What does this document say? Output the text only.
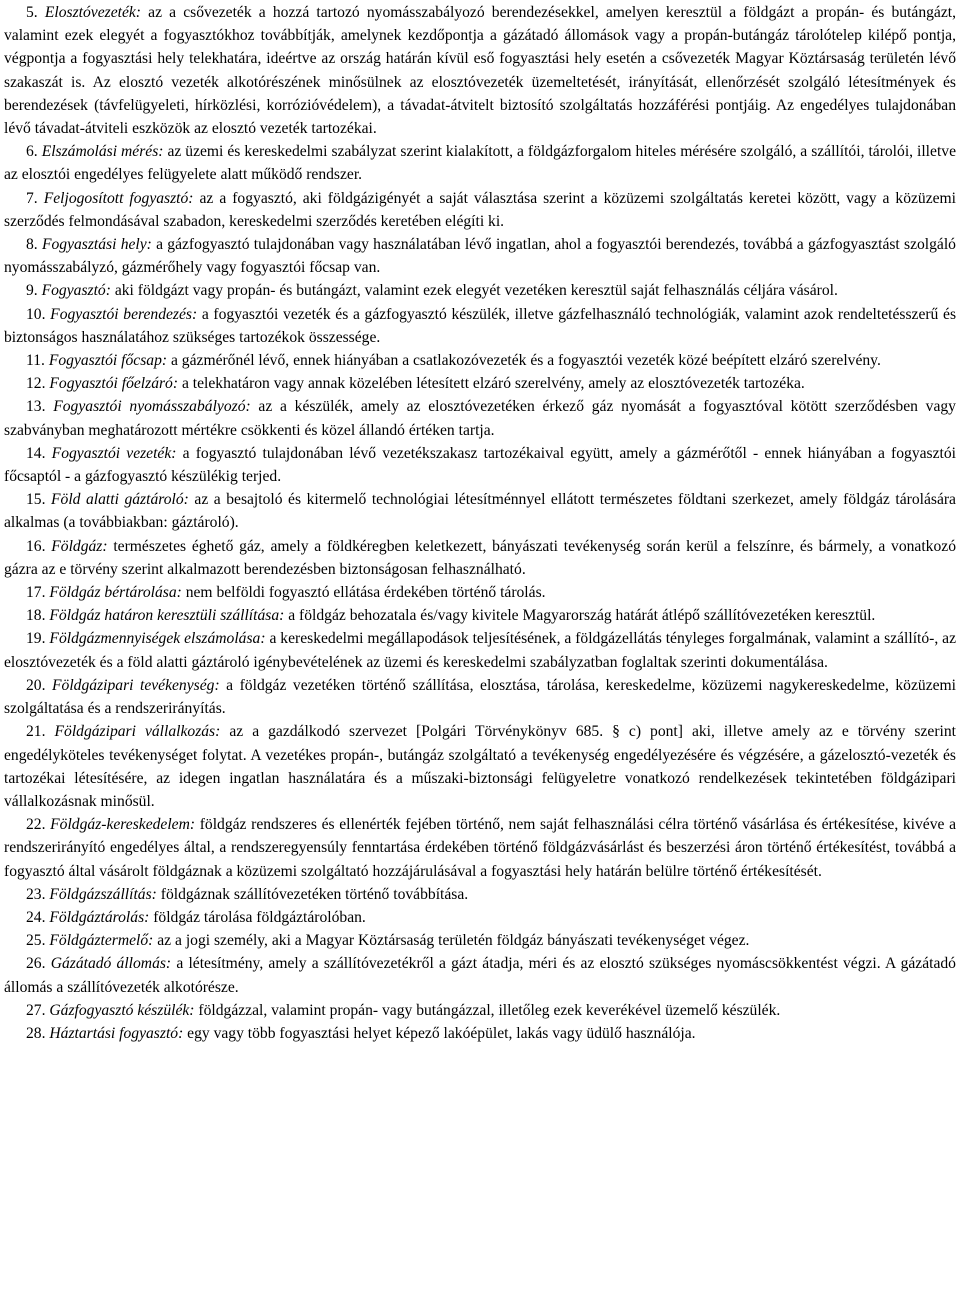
5. Elosztóvezeték: az a csővezeték a hozzá tartozó nyomásszabályozó berendezésekkel, amelyen keresztül a földgázt a propán- és butángázt, valamint ezek elegyét a fogyasztókhoz továbbítják, amelynek kezdőpontja a gázátadó állomások vagy a propán-butángáz tárolótelep kilépő pontja, végpontja a fogyasztási hely telekhatára, ideértve az ország határán kívül eső fogyasztási hely esetén a csővezeték Magyar Köztársaság területén lévő szakaszát is. Az elosztó vezeték alkotórészének minősülnek az elosztóvezeték üzemeltetését, irányítását, ellenőrzését szolgáló létesítmények és berendezések (távfelügyeleti, hírközlési, korrózióvédelem), a távadat-átvitelt biztosító szolgáltatás hozzáférési pontjáig. Az engedélyes tulajdonában lévő távadat-átviteli eszközök az elosztó vezeték tartozékai.

6. Elszámolási mérés: az üzemi és kereskedelmi szabályzat szerint kialakított, a földgázforgalom hiteles mérésére szolgáló, a szállítói, tárolói, illetve az elosztói engedélyes felügyelete alatt működő rendszer.

7. Feljogosított fogyasztó: az a fogyasztó, aki földgázigényét a saját választása szerint a közüzemi szolgáltatás keretei között, vagy a közüzemi szerződés felmondásával szabadon, kereskedelmi szerződés keretében elégíti ki.

8. Fogyasztási hely: a gázfogyasztó tulajdonában vagy használatában lévő ingatlan, ahol a fogyasztói berendezés, továbbá a gázfogyasztást szolgáló nyomásszabályzó, gázmérőhely vagy fogyasztói főcsap van.

9. Fogyasztó: aki földgázt vagy propán- és butángázt, valamint ezek elegyét vezetéken keresztül saját felhasználás céljára vásárol.

10. Fogyasztói berendezés: a fogyasztói vezeték és a gázfogyasztó készülék, illetve gázfelhasználó technológiák, valamint azok rendeltetésszerű és biztonságos használatához szükséges tartozékok összessége.

11. Fogyasztói főcsap: a gázmérőnél lévő, ennek hiányában a csatlakozóvezeték és a fogyasztói vezeték közé beépített elzáró szerelvény.

12. Fogyasztói főelzáró: a telekhatáron vagy annak közelében létesített elzáró szerelvény, amely az elosztóvezeték tartozéka.

13. Fogyasztói nyomásszabályozó: az a készülék, amely az elosztóvezetéken érkező gáz nyomását a fogyasztóval kötött szerződésben vagy szabványban meghatározott mértékre csökkenti és közel állandó értéken tartja.

14. Fogyasztói vezeték: a fogyasztó tulajdonában lévő vezetékszakasz tartozékaival együtt, amely a gázmérőtől - ennek hiányában a fogyasztói főcsaptól - a gázfogyasztó készülékig terjed.

15. Föld alatti gáztároló: az a besajtoló és kitermelő technológiai létesítménnyel ellátott természetes földtani szerkezet, amely földgáz tárolására alkalmas (a továbbiakban: gáztároló).

16. Földgáz: természetes éghető gáz, amely a földkéregben keletkezett, bányászati tevékenység során kerül a felszínre, és bármely, a vonatkozó gázra az e törvény szerint alkalmazott berendezésben biztonságosan felhasználható.

17. Földgáz bértárolása: nem belföldi fogyasztó ellátása érdekében történő tárolás.

18. Földgáz határon keresztüli szállítása: a földgáz behozatala és/vagy kivitele Magyarország határát átlépő szállítóvezetéken keresztül.

19. Földgázmennyiségek elszámolása: a kereskedelmi megállapodások teljesítésének, a földgázellátás tényleges forgalmának, valamint a szállító-, az elosztóvezeték és a föld alatti gáztároló igénybevételének az üzemi és kereskedelmi szabályzatban foglaltak szerinti dokumentálása.

20. Földgázipari tevékenység: a földgáz vezetéken történő szállítása, elosztása, tárolása, kereskedelme, közüzemi nagykereskedelme, közüzemi szolgáltatása és a rendszerirányítás.

21. Földgázipari vállalkozás: az a gazdálkodó szervezet [Polgári Törvénykönyv 685. § c) pont] aki, illetve amely az e törvény szerint engedélyköteles tevékenységet folytat. A vezetékes propán-, butángáz szolgáltató a tevékenység engedélyezésére és végzésére, a gázelosztó-vezeték és tartozékai létesítésére, az idegen ingatlan használatára és a műszaki-biztonsági felügyeletre vonatkozó rendelkezések tekintetében földgázipari vállalkozásnak minősül.

22. Földgáz-kereskedelem: földgáz rendszeres és ellenérték fejében történő, nem saját felhasználási célra történő vásárlása és értékesítése, kivéve a rendszerirányító engedélyes által, a rendszeregyensúly fenntartása érdekében történő földgázvásárlást és beszerzési áron történő értékesítést, továbbá a fogyasztó által vásárolt földgáznak a közüzemi szolgáltató hozzájárulásával a fogyasztási hely határán belülre történő értékesítését.

23. Földgázszállítás: földgáznak szállítóvezetéken történő továbbítása.

24. Földgáztárolás: földgáz tárolása földgáztárolóban.

25. Földgáztermelő: az a jogi személy, aki a Magyar Köztársaság területén földgáz bányászati tevékenységet végez.

26. Gázátadó állomás: a létesítmény, amely a szállítóvezetékről a gázt átadja, méri és az elosztó szükséges nyomáscsökkentést végzi. A gázátadó állomás a szállítóvezeték alkotórésze.

27. Gázfogyasztó készülék: földgázzal, valamint propán- vagy butángázzal, illetőleg ezek keverékével üzemelő készülék.

28. Háztartási fogyasztó: egy vagy több fogyasztási helyet képező lakóépület, lakás vagy üdülő használója.
